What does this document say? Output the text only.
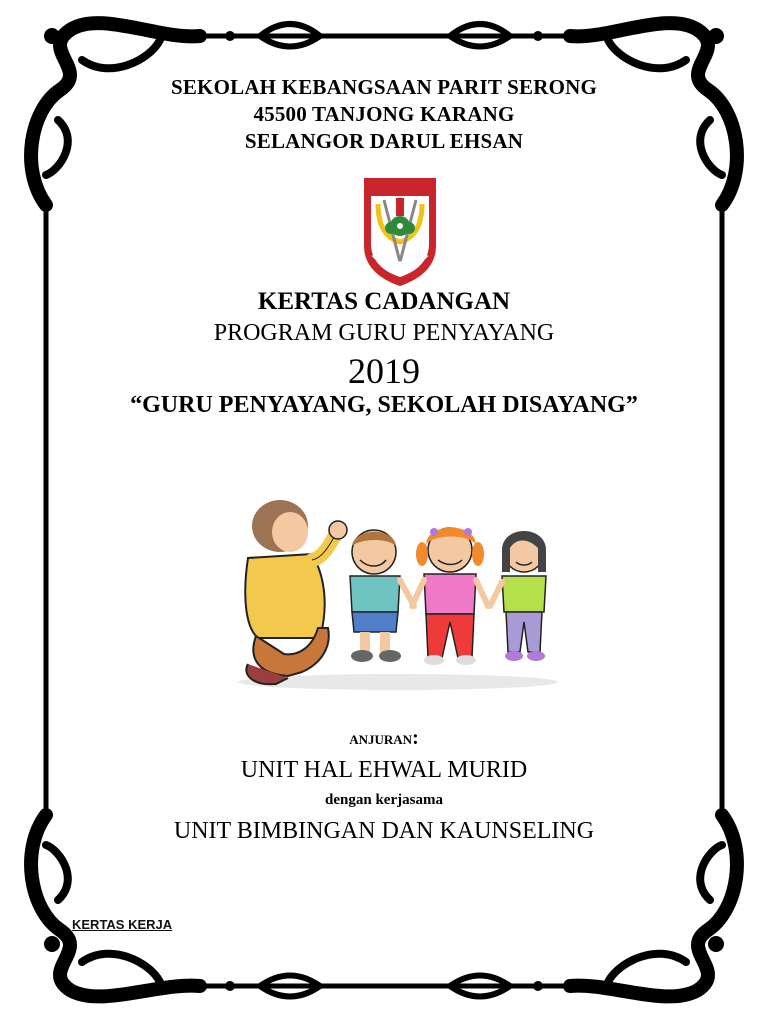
SEKOLAH KEBANGSAAN PARIT SERONG
45500 TANJONG KARANG
SELANGOR DARUL EHSAN
KERTAS CADANGAN
PROGRAM GURU PENYAYANG
2019
“GURU PENYAYANG, SEKOLAH DISAYANG”
ANJURAN:
UNIT HAL EHWAL MURID
dengan kerjasama
UNIT BIMBINGAN DAN KAUNSELING
KERTAS KERJA
